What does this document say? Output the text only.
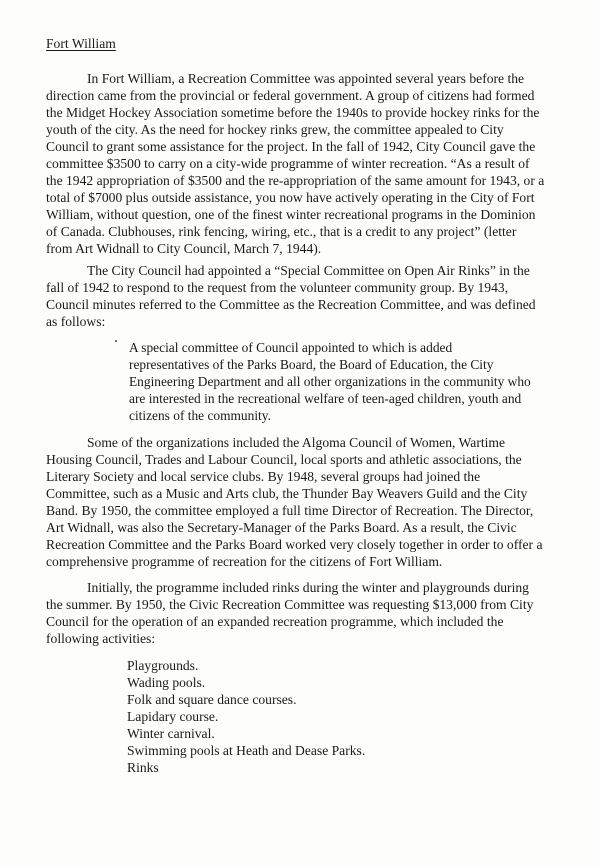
Fort William

In Fort William, a Recreation Committee was appointed several years before the direction came from the provincial or federal government. A group of citizens had formed the Midget Hockey Association sometime before the 1940s to provide hockey rinks for the youth of the city. As the need for hockey rinks grew, the committee appealed to City Council to grant some assistance for the project. In the fall of 1942, City Council gave the committee $3500 to carry on a city-wide programme of winter recreation. “As a result of the 1942 appropriation of $3500 and the re-appropriation of the same amount for 1943, or a total of $7000 plus outside assistance, you now have actively operating in the City of Fort William, without question, one of the finest winter recreational programs in the Dominion of Canada. Clubhouses, rink fencing, wiring, etc., that is a credit to any project” (letter from Art Widnall to City Council, March 7, 1944).

The City Council had appointed a “Special Committee on Open Air Rinks” in the fall of 1942 to respond to the request from the volunteer community group. By 1943, Council minutes referred to the Committee as the Recreation Committee, and was defined as follows:

A special committee of Council appointed to which is added representatives of the Parks Board, the Board of Education, the City Engineering Department and all other organizations in the community who are interested in the recreational welfare of teen-aged children, youth and citizens of the community.

Some of the organizations included the Algoma Council of Women, Wartime Housing Council, Trades and Labour Council, local sports and athletic associations, the Literary Society and local service clubs. By 1948, several groups had joined the Committee, such as a Music and Arts club, the Thunder Bay Weavers Guild and the City Band. By 1950, the committee employed a full time Director of Recreation. The Director, Art Widnall, was also the Secretary-Manager of the Parks Board. As a result, the Civic Recreation Committee and the Parks Board worked very closely together in order to offer a comprehensive programme of recreation for the citizens of Fort William.

Initially, the programme included rinks during the winter and playgrounds during the summer. By 1950, the Civic Recreation Committee was requesting $13,000 from City Council for the operation of an expanded recreation programme, which included the following activities:

Playgrounds.
Wading pools.
Folk and square dance courses.
Lapidary course.
Winter carnival.
Swimming pools at Heath and Dease Parks.
Rinks
